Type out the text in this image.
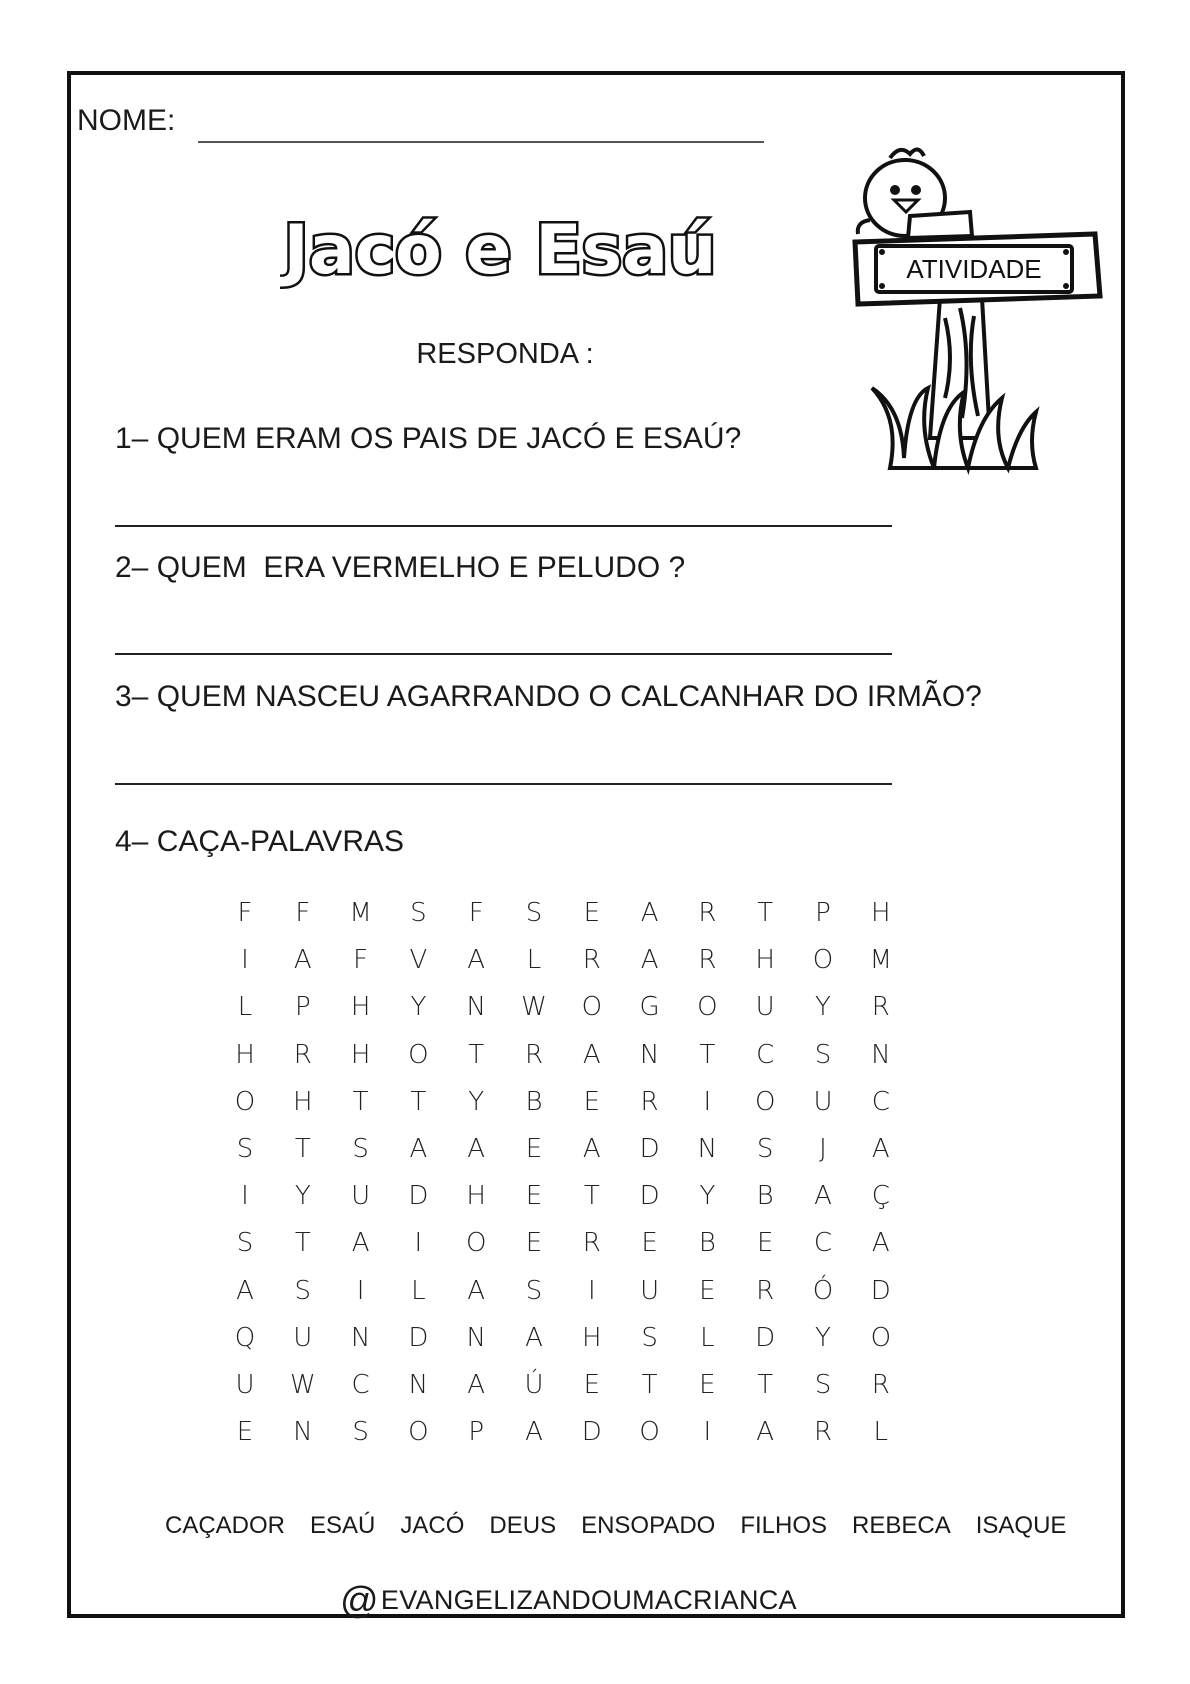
NOME:
Jacó e Esaú	ATIVIDADE
RESPONDA :
1– QUEM ERAM OS PAIS DE JACÓ E ESAÚ?
2– QUEM  ERA VERMELHO E PELUDO ?
3– QUEM NASCEU AGARRANDO O CALCANHAR DO IRMÃO?
4– CAÇA-PALAVRAS
F	F	M	S	F	S	E	A	R	T	P	H
I	A	F	V	A	L	R	A	R	H	O	M
L	P	H	Y	N	W	O	G	O	U	Y	R
H	R	H	O	T	R	A	N	T	C	S	N
O	H	T	T	Y	B	E	R	I	O	U	C
S	T	S	A	A	E	A	D	N	S	J	A
I	Y	U	D	H	E	T	D	Y	B	A	Ç
S	T	A	I	O	E	R	E	B	E	C	A
A	S	I	L	A	S	I	U	E	R	Ó	D
Q	U	N	D	N	A	H	S	L	D	Y	O
U	W	C	N	A	Ú	E	T	E	T	S	R
E	N	S	O	P	A	D	O	I	A	R	L
CAÇADOR ESAÚ JACÓ DEUS ENSOPADO FILHOS REBECA ISAQUE
@EVANGELIZANDOUMACRIANCA
